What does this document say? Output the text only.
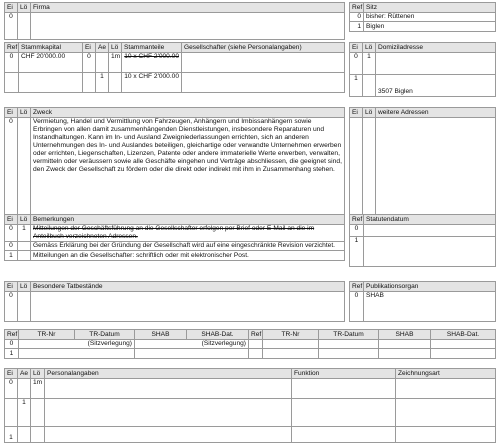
Ei	Lö	Firma
0		
Ref	Sitz
0	bisher: Rüttenen
1	Biglen
Ref	Stammkapital	Ei	Ae	Lö	Stammanteile	Gesellschafter (siehe Personalangaben)
0	CHF 20'000.00	0		1m	10 x CHF 2'000.00	
			1		10 x CHF 2'000.00	
Ei	Lö	Domiziladresse
0	1	
1		3507 Biglen
Ei	Lö	Zweck
0		Vermietung, Handel und Vermittlung von Fahrzeugen, Anhängern und Imbissanhängern sowie Erbringen von allen damit zusammenhängenden Dienstleistungen, insbesondere Reparaturen und Instandhaltungen. Kann im In- und Ausland Zweigniederlassungen errichten, sich an anderen Unternehmungen des In- und Auslandes beteiligen, gleichartige oder verwandte Unternehmen erwerben oder errichten, Liegenschaften, Lizenzen, Patente oder andere immaterielle Werte erwerben, verwalten, vermitteln oder veräussern sowie alle Geschäfte eingehen und Verträge abschliessen, die geeignet sind, den Zweck der Gesellschaft zu fördern oder die direkt oder indirekt mit ihm in Zusammenhang stehen.
Ei	Lö	weitere Adressen

Ei	Lö	Bemerkungen
0	1	Mitteilungen der Geschäftsführung an die Gesellschafter erfolgen per Brief oder E-Mail an die im Anteilbuch verzeichneten Adressen.
0		Gemäss Erklärung bei der Gründung der Gesellschaft wird auf eine eingeschränkte Revision verzichtet.
1		Mitteilungen an die Gesellschafter: schriftlich oder mit elektronischer Post.
Ref	Statutendatum
0	
1	
Ei	Lö	Besondere Tatbestände
0		
Ref	Publikationsorgan
0	SHAB
Ref	TR-Nr	TR-Datum	SHAB	SHAB-Dat.	Ref	TR-Nr	TR-Datum	SHAB	SHAB-Dat.
0	(Sitzverlegung)		(Sitzverlegung)						
1									
Ei	Ae	Lö	Personalangaben	Funktion	Zeichnungsart
0		1m			
	1				
1					
